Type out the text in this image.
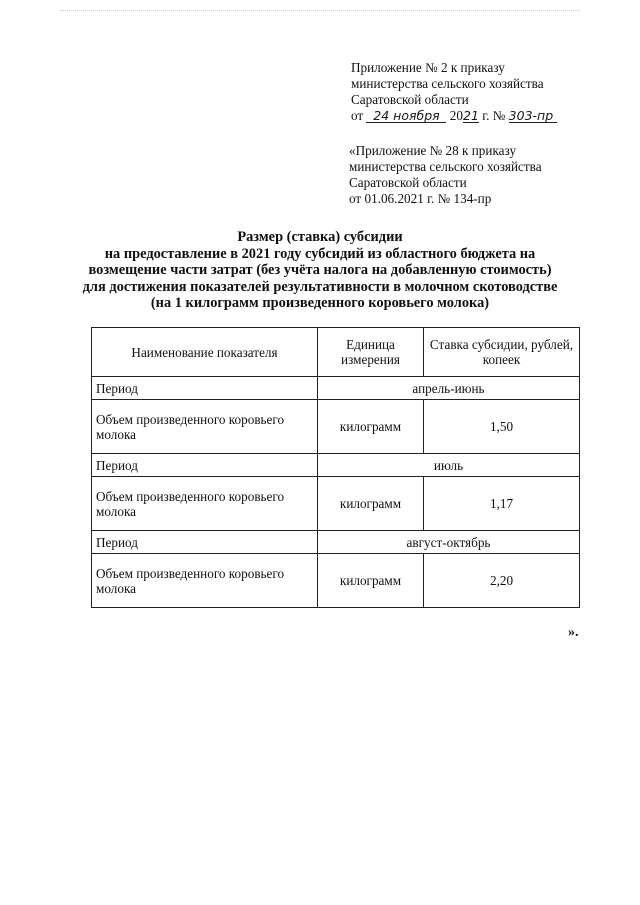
Приложение № 2 к приказу
министерства сельского хозяйства
Саратовской области
от 24 ноября 2021 г. № 303-пр
«Приложение № 28 к приказу
министерства сельского хозяйства
Саратовской области
от 01.06.2021 г. № 134-пр
Размер (ставка) субсидии
на предоставление в 2021 году субсидий из областного бюджета на
возмещение части затрат (без учёта налога на добавленную стоимость)
для достижения показателей результативности в молочном скотоводстве
(на 1 килограмм произведенного коровьего молока)
Наименование показателя	Единица измерения	Ставка субсидии, рублей, копеек
Период	апрель-июнь	
Объем произведенного коровьего молока	килограмм	1,50
Период	июль	
Объем произведенного коровьего молока	килограмм	1,17
Период	август-октябрь	
Объем произведенного коровьего молока	килограмм	2,20
».
